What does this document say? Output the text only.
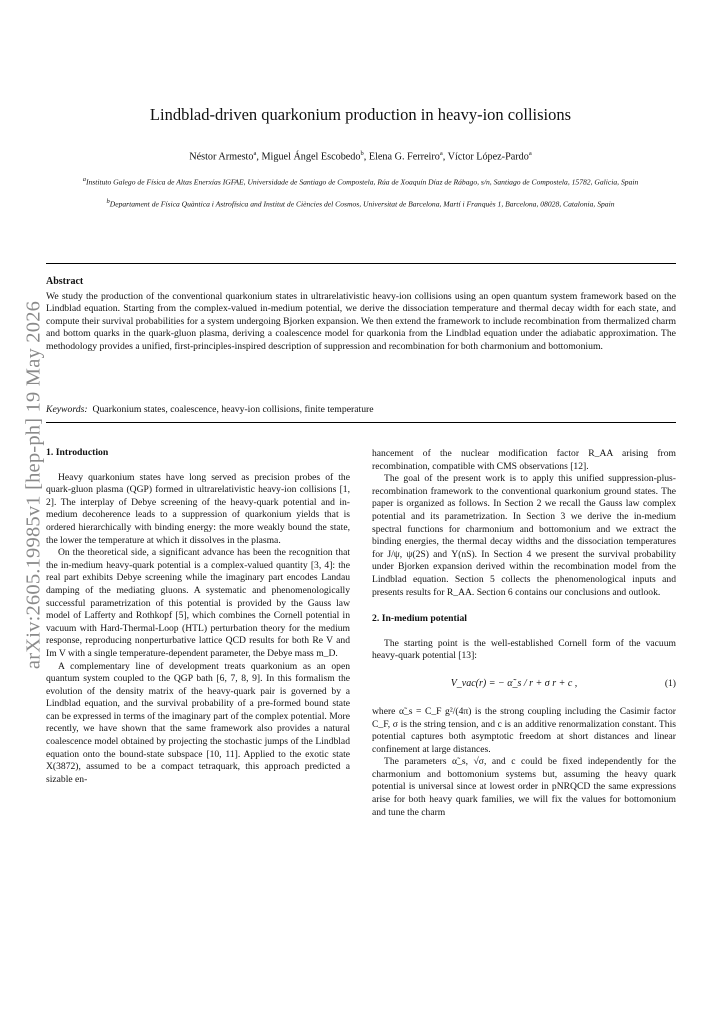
arXiv:2605.19985v1 [hep-ph] 19 May 2026
Lindblad-driven quarkonium production in heavy-ion collisions
Néstor Armesto$^a$, Miguel Ángel Escobedo$^b$, Elena G. Ferreiro$^a$, Víctor López-Pardo$^a$
aInstituto Galego de Física de Altas Enerxías IGFAE, Universidade de Santiago de Compostela, Rúa de Xoaquín Díaz de Rábago, s/n, Santiago de Compostela, 15782, Galicia, Spain
bDepartament de Física Quàntica i Astrofísica and Institut de Ciències del Cosmos, Universitat de Barcelona, Martí i Franquès 1, Barcelona, 08028, Catalonia, Spain
Abstract
We study the production of the conventional quarkonium states in ultrarelativistic heavy-ion collisions using an open quantum system framework based on the Lindblad equation. Starting from the complex-valued in-medium potential, we derive the dissociation temperature and thermal decay width for each state, and compute their survival probabilities for a system undergoing Bjorken expansion. We then extend the framework to include recombination from thermalized charm and bottom quarks in the quark-gluon plasma, deriving a coalescence model for quarkonia from the Lindblad equation under the adiabatic approximation. The methodology provides a unified, first-principles-inspired description of suppression and recombination for both charmonium and bottomonium.
Keywords: Quarkonium states, coalescence, heavy-ion collisions, finite temperature
1. Introduction

Heavy quarkonium states have long served as precision probes of the quark-gluon plasma (QGP) formed in ultrarelativistic heavy-ion collisions [1, 2]. The interplay of Debye screening of the heavy-quark potential and in-medium decoherence leads to a suppression of quarkonium yields that is ordered hierarchically with binding energy: the more weakly bound the state, the lower the temperature at which it dissolves in the plasma.

On the theoretical side, a significant advance has been the recognition that the in-medium heavy-quark potential is a complex-valued quantity [3, 4]: the real part exhibits Debye screening while the imaginary part encodes Landau damping of the mediating gluons. A systematic and phenomenologically successful parametrization of this potential is provided by the Gauss law model of Lafferty and Rothkopf [5], which combines the Cornell potential in vacuum with Hard-Thermal-Loop (HTL) perturbation theory for the medium response, reproducing nonperturbative lattice QCD results for both Re V and Im V with a single temperature-dependent parameter, the Debye mass m_D.

A complementary line of development treats quarkonium as an open quantum system coupled to the QGP bath [6, 7, 8, 9]. In this formalism the evolution of the density matrix of the heavy-quark pair is governed by a Lindblad equation, and the survival probability of a pre-formed bound state can be expressed in terms of the imaginary part of the complex potential. More recently, we have shown that the same framework also provides a natural coalescence model obtained by projecting the stochastic jumps of the Lindblad equation onto the bound-state subspace [10, 11]. Applied to the exotic state X(3872), assumed to be a compact tetraquark, this approach predicted a sizable en-

hancement of the nuclear modification factor R_AA arising from recombination, compatible with CMS observations [12].

The goal of the present work is to apply this unified suppression-plus-recombination framework to the conventional quarkonium ground states. The paper is organized as follows. In Section 2 we recall the Gauss law complex potential and its parametrization. In Section 3 we derive the in-medium spectral functions for charmonium and bottomonium and we extract the binding energies, the thermal decay widths and the dissociation temperatures for J/ψ, ψ(2S) and Υ(nS). In Section 4 we present the survival probability under Bjorken expansion derived within the recombination model from the Lindblad equation. Section 5 collects the phenomenological inputs and presents results for R_AA. Section 6 contains our conclusions and outlook.

2. In-medium potential

The starting point is the well-established Cornell form of the vacuum heavy-quark potential [13]:

V_vac(r) = − α̃_s / r + σ r + c ,	(1)

where α̃_s = C_F g²/(4π) is the strong coupling including the Casimir factor C_F, σ is the string tension, and c is an additive renormalization constant. This potential captures both asymptotic freedom at short distances and linear confinement at large distances.

The parameters α̃_s, √σ, and c could be fixed independently for the charmonium and bottomonium systems but, assuming the heavy quark potential is universal since at lowest order in pNRQCD the same expressions arise for both heavy quark families, we will fix the values for bottomonium and tune the charm
